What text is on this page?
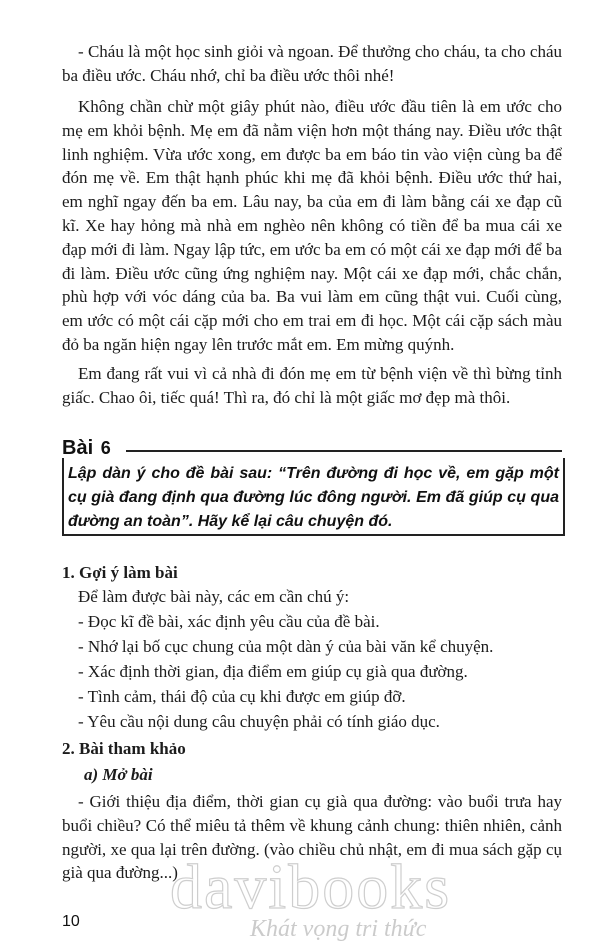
- Cháu là một học sinh giỏi và ngoan. Để thưởng cho cháu, ta cho cháu ba điều ước. Cháu nhớ, chỉ ba điều ước thôi nhé!

Không chần chừ một giây phút nào, điều ước đầu tiên là em ước cho mẹ em khỏi bệnh. Mẹ em đã nằm viện hơn một tháng nay. Điều ước thật linh nghiệm. Vừa ước xong, em được ba em báo tin vào viện cùng ba để đón mẹ về. Em thật hạnh phúc khi mẹ đã khỏi bệnh. Điều ước thứ hai, em nghĩ ngay đến ba em. Lâu nay, ba của em đi làm bằng cái xe đạp cũ kĩ. Xe hay hỏng mà nhà em nghèo nên không có tiền để ba mua cái xe đạp mới đi làm. Ngay lập tức, em ước ba em có một cái xe đạp mới để ba đi làm. Điều ước cũng ứng nghiệm nay. Một cái xe đạp mới, chắc chắn, phù hợp với vóc dáng của ba. Ba vui làm em cũng thật vui. Cuối cùng, em ước có một cái cặp mới cho em trai em đi học. Một cái cặp sách màu đỏ ba ngăn hiện ngay lên trước mắt em. Em mừng quýnh.

Em đang rất vui vì cả nhà đi đón mẹ em từ bệnh viện về thì bừng tỉnh giấc. Chao ôi, tiếc quá! Thì ra, đó chỉ là một giấc mơ đẹp mà thôi.

Bài 6

Lập dàn ý cho đề bài sau: “Trên đường đi học về, em gặp một cụ già đang định qua đường lúc đông người. Em đã giúp cụ qua đường an toàn”. Hãy kể lại câu chuyện đó.

1. Gợi ý làm bài

Để làm được bài này, các em cần chú ý:

- Đọc kĩ đề bài, xác định yêu cầu của đề bài.

- Nhớ lại bố cục chung của một dàn ý của bài văn kể chuyện.

- Xác định thời gian, địa điểm em giúp cụ già qua đường.

- Tình cảm, thái độ của cụ khi được em giúp đỡ.

- Yêu cầu nội dung câu chuyện phải có tính giáo dục.

2. Bài tham khảo

a) Mở bài

- Giới thiệu địa điểm, thời gian cụ già qua đường: vào buổi trưa hay buổi chiều? Có thể miêu tả thêm về khung cảnh chung: thiên nhiên, cảnh người, xe qua lại trên đường. (vào chiều chủ nhật, em đi mua sách gặp cụ già qua đường...)

davibooks
Khát vọng tri thức
10
